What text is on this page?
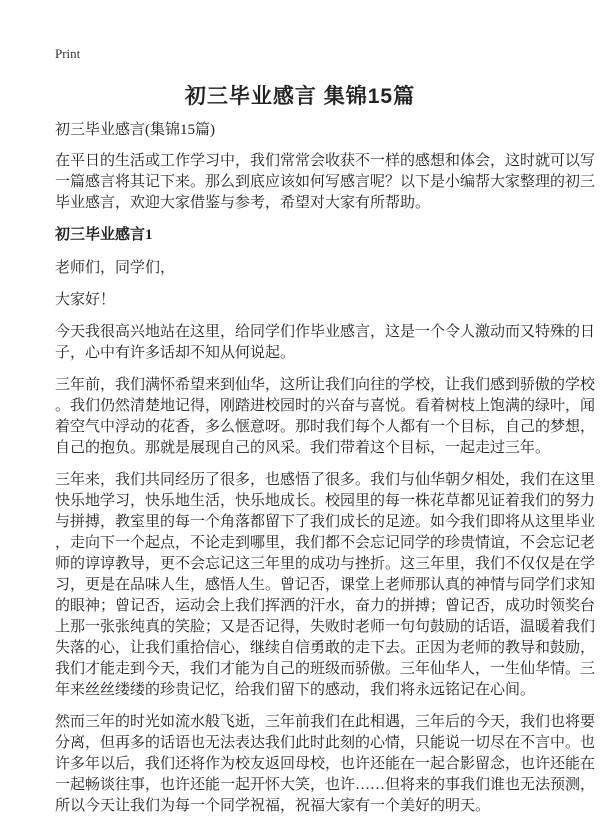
Print
初三毕业感言 集锦15篇
初三毕业感言(集锦15篇)
在平日的生活或工作学习中，我们常常会收获不一样的感想和体会，这时就可以写
一篇感言将其记下来。那么到底应该如何写感言呢？以下是小编帮大家整理的初三
毕业感言，欢迎大家借鉴与参考，希望对大家有所帮助。
初三毕业感言1
老师们，同学们，
大家好！
今天我很高兴地站在这里，给同学们作毕业感言，这是一个令人激动而又特殊的日
子，心中有许多话却不知从何说起。
三年前，我们满怀希望来到仙华，这所让我们向往的学校，让我们感到骄傲的学校
。我们仍然清楚地记得，刚踏进校园时的兴奋与喜悦。看着树枝上饱满的绿叶，闻
着空气中浮动的花香，多么惬意呀。那时我们每个人都有一个目标，自己的梦想，
自己的抱负。那就是展现自己的风采。我们带着这个目标，一起走过三年。
三年来，我们共同经历了很多，也感悟了很多。我们与仙华朝夕相处，我们在这里
快乐地学习，快乐地生活，快乐地成长。校园里的每一株花草都见证着我们的努力
与拼搏，教室里的每一个角落都留下了我们成长的足迹。如今我们即将从这里毕业
，走向下一个起点，不论走到哪里，我们都不会忘记同学的珍贵情谊，不会忘记老
师的谆谆教导，更不会忘记这三年里的成功与挫折。这三年里，我们不仅仅是在学
习，更是在品味人生，感悟人生。曾记否，课堂上老师那认真的神情与同学们求知
的眼神；曾记否，运动会上我们挥洒的汗水，奋力的拼搏；曾记否，成功时领奖台
上那一张张纯真的笑脸；又是否记得，失败时老师一句句鼓励的话语，温暖着我们
失落的心，让我们重拾信心，继续自信勇敢的走下去。正因为老师的教导和鼓励，
我们才能走到今天，我们才能为自己的班级而骄傲。三年仙华人，一生仙华情。三
年来丝丝缕缕的珍贵记忆，给我们留下的感动，我们将永远铭记在心间。
然而三年的时光如流水般飞逝，三年前我们在此相遇，三年后的今天，我们也将要
分离，但再多的话语也无法表达我们此时此刻的心情，只能说一切尽在不言中。也
许多年以后，我们还将作为校友返回母校，也许还能在一起合影留念，也许还能在
一起畅谈往事，也许还能一起开怀大笑，也许……但将来的事我们谁也无法预测，
所以今天让我们为每一个同学祝福，祝福大家有一个美好的明天。
